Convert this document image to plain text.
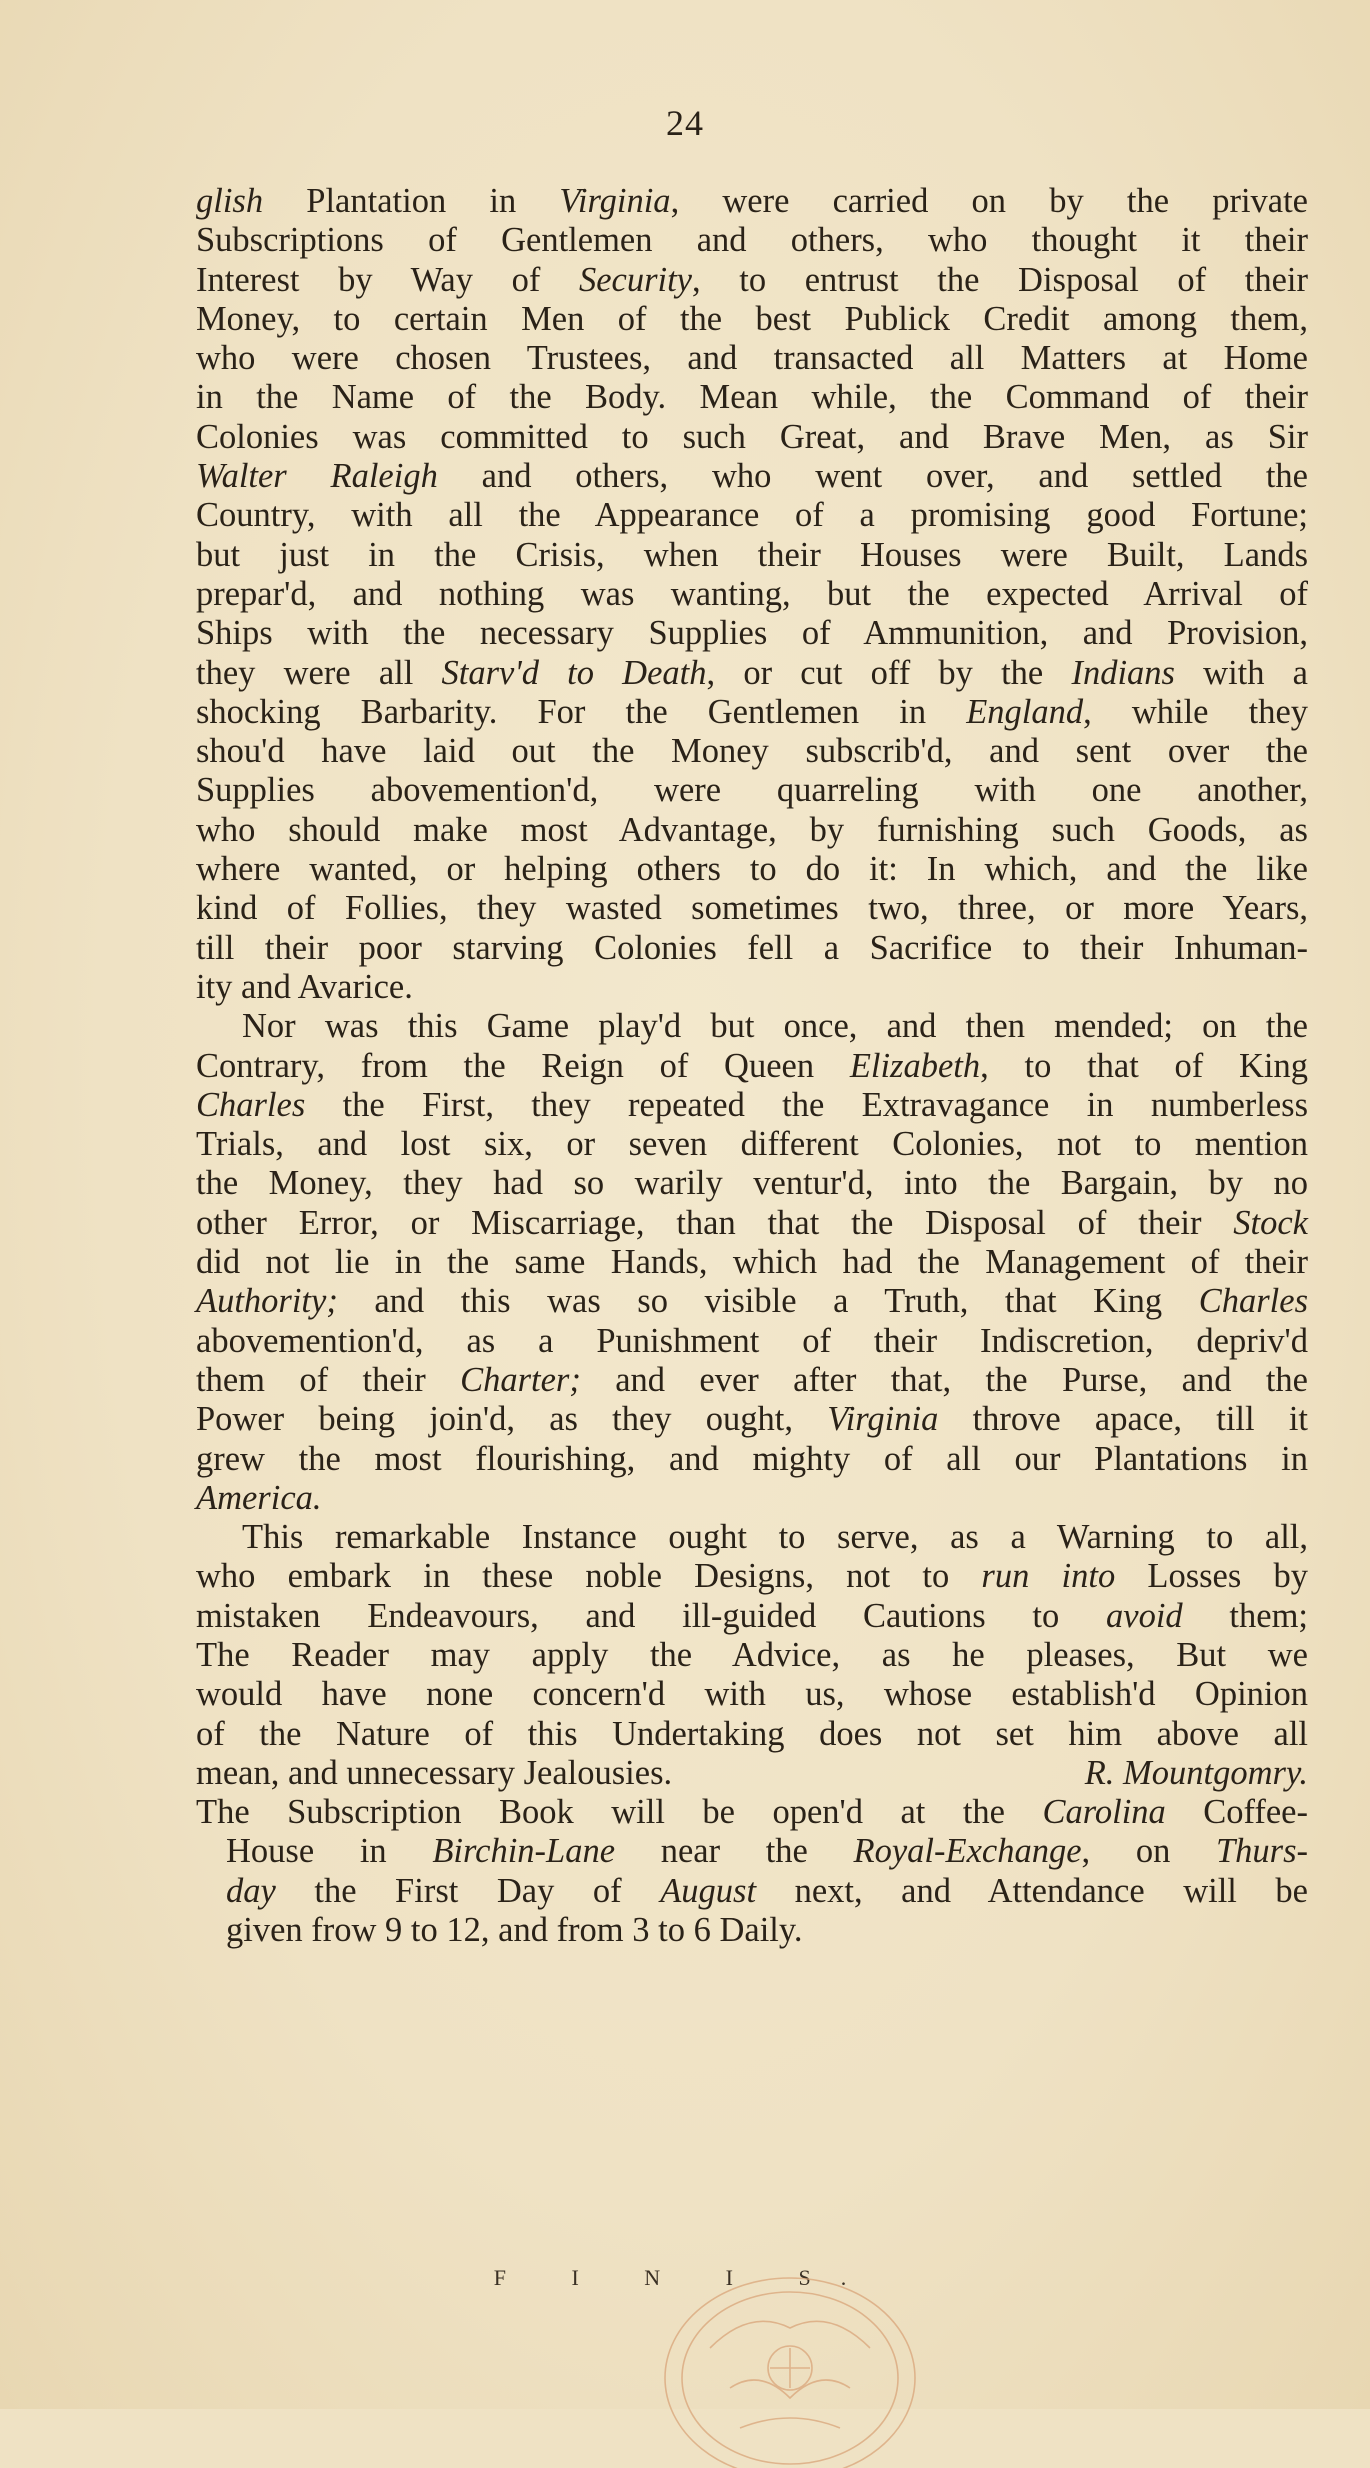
24
glish Plantation in Virginia, were carried on by the private
Subscriptions of Gentlemen and others, who thought it their
Interest by Way of Security, to entrust the Disposal of their
Money, to certain Men of the best Publick Credit among them,
who were chosen Trustees, and transacted all Matters at Home
in the Name of the Body. Mean while, the Command of their
Colonies was committed to such Great, and Brave Men, as Sir
Walter Raleigh and others, who went over, and settled the
Country, with all the Appearance of a promising good Fortune;
but just in the Crisis, when their Houses were Built, Lands
prepar'd, and nothing was wanting, but the expected Arrival of
Ships with the necessary Supplies of Ammunition, and Provision,
they were all Starv'd to Death, or cut off by the Indians with a
shocking Barbarity. For the Gentlemen in England, while they
shou'd have laid out the Money subscrib'd, and sent over the
Supplies abovemention'd, were quarreling with one another,
who should make most Advantage, by furnishing such Goods, as
where wanted, or helping others to do it: In which, and the like
kind of Follies, they wasted sometimes two, three, or more Years,
till their poor starving Colonies fell a Sacrifice to their Inhuman-
ity and Avarice.
Nor was this Game play'd but once, and then mended; on the
Contrary, from the Reign of Queen Elizabeth, to that of King
Charles the First, they repeated the Extravagance in numberless
Trials, and lost six, or seven different Colonies, not to mention
the Money, they had so warily ventur'd, into the Bargain, by no
other Error, or Miscarriage, than that the Disposal of their Stock
did not lie in the same Hands, which had the Management of their
Authority; and this was so visible a Truth, that King Charles
abovemention'd, as a Punishment of their Indiscretion, depriv'd
them of their Charter; and ever after that, the Purse, and the
Power being join'd, as they ought, Virginia throve apace, till it
grew the most flourishing, and mighty of all our Plantations in
America.
This remarkable Instance ought to serve, as a Warning to all,
who embark in these noble Designs, not to run into Losses by
mistaken Endeavours, and ill-guided Cautions to avoid them;
The Reader may apply the Advice, as he pleases, But we
would have none concern'd with us, whose establish'd Opinion
of the Nature of this Undertaking does not set him above all
mean, and unnecessary Jealousies.	R. Mountgomry.
The Subscription Book will be open'd at the Carolina Coffee-
House in Birchin-Lane near the Royal-Exchange, on Thurs-
day the First Day of August next, and Attendance will be
given frow 9 to 12, and from 3 to 6 Daily.
F I N I S.
